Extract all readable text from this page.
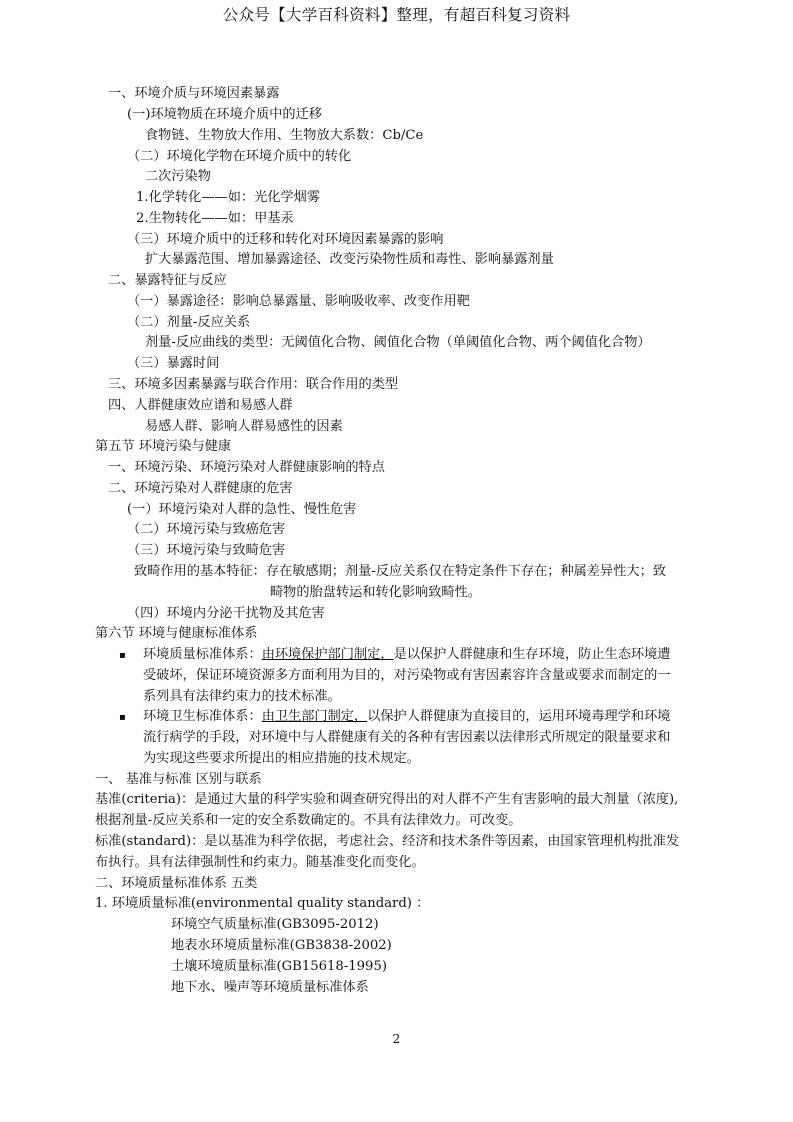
公众号【大学百科资料】整理，有超百科复习资料
一、环境介质与环境因素暴露
(一)环境物质在环境介质中的迁移
食物链、生物放大作用、生物放大系数：Cb/Ce
（二）环境化学物在环境介质中的转化
二次污染物
1.化学转化——如：光化学烟雾
2.生物转化——如：甲基汞
（三）环境介质中的迁移和转化对环境因素暴露的影响
扩大暴露范围、增加暴露途径、改变污染物性质和毒性、影响暴露剂量
二、暴露特征与反应
（一）暴露途径：影响总暴露量、影响吸收率、改变作用靶
（二）剂量-反应关系
剂量-反应曲线的类型：无阈值化合物、阈值化合物（单阈值化合物、两个阈值化合物）
（三）暴露时间
三、环境多因素暴露与联合作用：联合作用的类型
四、人群健康效应谱和易感人群
易感人群、影响人群易感性的因素
第五节 环境污染与健康
一、环境污染、环境污染对人群健康影响的特点
二、环境污染对人群健康的危害
(一）环境污染对人群的急性、慢性危害
（二）环境污染与致癌危害
（三）环境污染与致畸危害
致畸作用的基本特征：存在敏感期；剂量-反应关系仅在特定条件下存在；种属差异性大；致
畸物的胎盘转运和转化影响致畸性。
（四）环境内分泌干扰物及其危害
第六节 环境与健康标准体系
▪ 环境质量标准体系：由环境保护部门制定，是以保护人群健康和生存环境，防止生态环境遭
受破坏，保证环境资源多方面利用为目的，对污染物或有害因素容许含量或要求而制定的一
系列具有法律约束力的技术标准。
▪ 环境卫生标准体系：由卫生部门制定，以保护人群健康为直接目的，运用环境毒理学和环境
流行病学的手段，对环境中与人群健康有关的各种有害因素以法律形式所规定的限量要求和
为实现这些要求所提出的相应措施的技术规定。
一、 基准与标准 区别与联系
基准(criteria)：是通过大量的科学实验和调查研究得出的对人群不产生有害影响的最大剂量（浓度),
根据剂量-反应关系和一定的安全系数确定的。不具有法律效力。可改变。
标准(standard)：是以基准为科学依据，考虑社会、经济和技术条件等因素，由国家管理机构批准发
布执行。具有法律强制性和约束力。随基准变化而变化。
二、环境质量标准体系 五类
1. 环境质量标准(environmental quality standard) ：
环境空气质量标准(GB3095-2012)
地表水环境质量标准(GB3838-2002)
土壤环境质量标准(GB15618-1995)
地下水、噪声等环境质量标准体系
2
